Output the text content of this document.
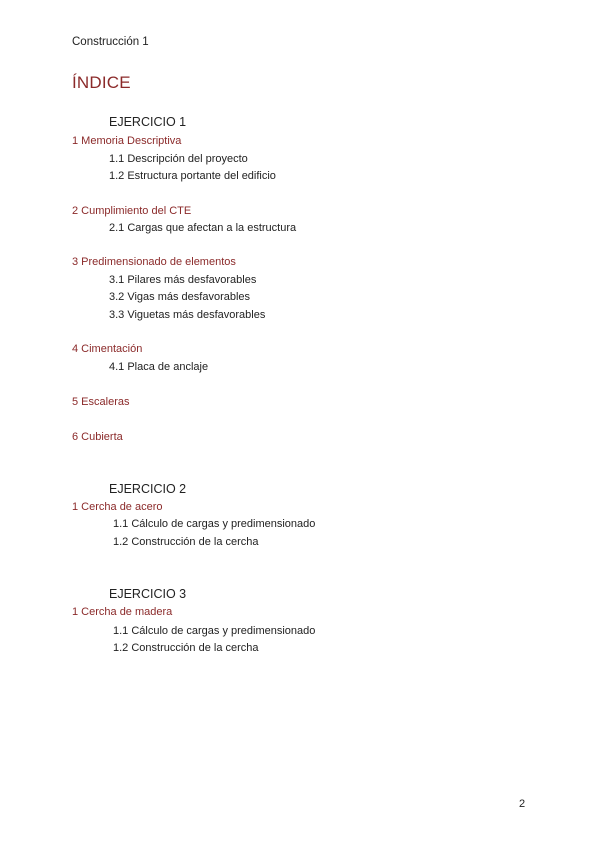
Construcción 1
ÍNDICE
EJERCICIO 1
1 Memoria Descriptiva
1.1 Descripción del proyecto
1.2 Estructura portante del edificio
2 Cumplimiento del CTE
2.1 Cargas que afectan a la estructura
3 Predimensionado de elementos
3.1 Pilares más desfavorables
3.2 Vigas más desfavorables
3.3 Viguetas más desfavorables
4 Cimentación
4.1 Placa de anclaje
5 Escaleras
6 Cubierta
EJERCICIO 2
1 Cercha de acero
1.1 Cálculo de cargas y predimensionado
1.2 Construcción de la cercha
EJERCICIO 3
1 Cercha de madera
1.1 Cálculo de cargas y predimensionado
1.2 Construcción de la cercha
2
